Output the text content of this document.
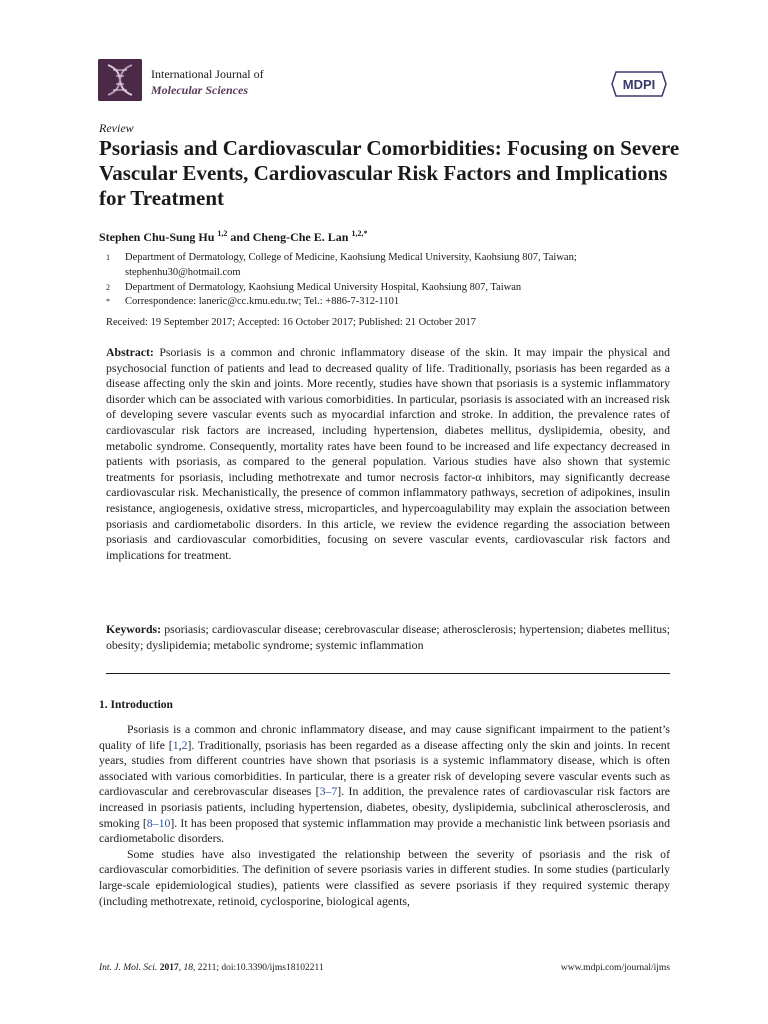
International Journal of
Molecular Sciences	MDPI
Review
Psoriasis and Cardiovascular Comorbidities: Focusing on Severe Vascular Events, Cardiovascular Risk Factors and Implications for Treatment
Stephen Chu-Sung Hu $^{1,2}$ and Cheng-Che E. Lan $^{1,2,*}$
1 Department of Dermatology, College of Medicine, Kaohsiung Medical University, Kaohsiung 807, Taiwan; stephenhu30@hotmail.com
2 Department of Dermatology, Kaohsiung Medical University Hospital, Kaohsiung 807, Taiwan
* Correspondence: laneric@cc.kmu.edu.tw; Tel.: +886-7-312-1101
Received: 19 September 2017; Accepted: 16 October 2017; Published: 21 October 2017
Abstract: Psoriasis is a common and chronic inflammatory disease of the skin. It may impair the physical and psychosocial function of patients and lead to decreased quality of life. Traditionally, psoriasis has been regarded as a disease affecting only the skin and joints. More recently, studies have shown that psoriasis is a systemic inflammatory disorder which can be associated with various comorbidities. In particular, psoriasis is associated with an increased risk of developing severe vascular events such as myocardial infarction and stroke. In addition, the prevalence rates of cardiovascular risk factors are increased, including hypertension, diabetes mellitus, dyslipidemia, obesity, and metabolic syndrome. Consequently, mortality rates have been found to be increased and life expectancy decreased in patients with psoriasis, as compared to the general population. Various studies have also shown that systemic treatments for psoriasis, including methotrexate and tumor necrosis factor-α inhibitors, may significantly decrease cardiovascular risk. Mechanistically, the presence of common inflammatory pathways, secretion of adipokines, insulin resistance, angiogenesis, oxidative stress, microparticles, and hypercoagulability may explain the association between psoriasis and cardiometabolic disorders. In this article, we review the evidence regarding the association between psoriasis and cardiovascular comorbidities, focusing on severe vascular events, cardiovascular risk factors and implications for treatment.
Keywords: psoriasis; cardiovascular disease; cerebrovascular disease; atherosclerosis; hypertension; diabetes mellitus; obesity; dyslipidemia; metabolic syndrome; systemic inflammation
1. Introduction

Psoriasis is a common and chronic inflammatory disease, and may cause significant impairment to the patient’s quality of life [1,2]. Traditionally, psoriasis has been regarded as a disease affecting only the skin and joints. In recent years, studies from different countries have shown that psoriasis is a systemic inflammatory disease, which is often associated with various comorbidities. In particular, there is a greater risk of developing severe vascular events such as cardiovascular and cerebrovascular diseases [3–7]. In addition, the prevalence rates of cardiovascular risk factors are increased in psoriasis patients, including hypertension, diabetes, obesity, dyslipidemia, subclinical atherosclerosis, and smoking [8–10]. It has been proposed that systemic inflammation may provide a mechanistic link between psoriasis and cardiometabolic disorders.

Some studies have also investigated the relationship between the severity of psoriasis and the risk of cardiovascular comorbidities. The definition of severe psoriasis varies in different studies. In some studies (particularly large-scale epidemiological studies), patients were classified as severe psoriasis if they required systemic therapy (including methotrexate, retinoid, cyclosporine, biological agents,

Int. J. Mol. Sci. 2017, 18, 2211; doi:10.3390/ijms18102211	www.mdpi.com/journal/ijms
